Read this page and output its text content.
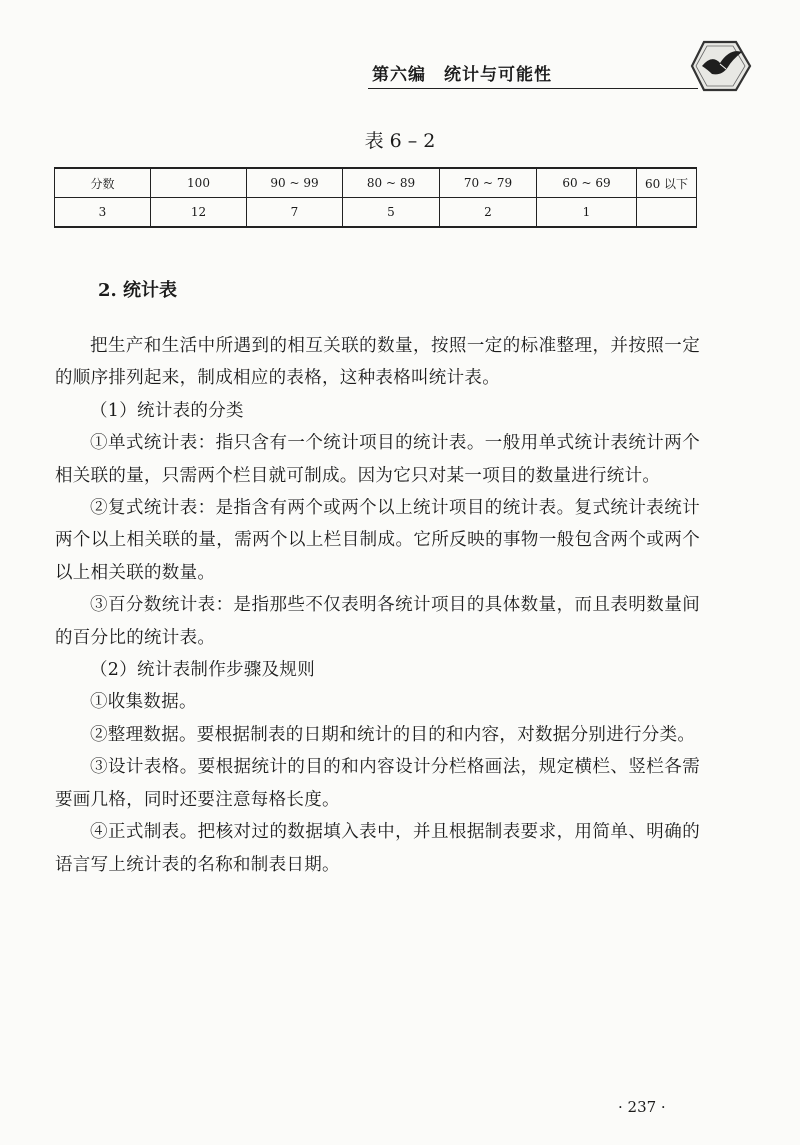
第六编　统计与可能性
表 6 – 2
分数	100	90 ~ 99	80 ~ 89	70 ~ 79	60 ~ 69	60 以下
3	12	7	5	2	1	
2. 统计表

把生产和生活中所遇到的相互关联的数量，按照一定的标准整理，并按照一定的顺序排列起来，制成相应的表格，这种表格叫统计表。

（1）统计表的分类

①单式统计表：指只含有一个统计项目的统计表。一般用单式统计表统计两个相关联的量，只需两个栏目就可制成。因为它只对某一项目的数量进行统计。

②复式统计表：是指含有两个或两个以上统计项目的统计表。复式统计表统计两个以上相关联的量，需两个以上栏目制成。它所反映的事物一般包含两个或两个以上相关联的数量。

③百分数统计表：是指那些不仅表明各统计项目的具体数量，而且表明数量间的百分比的统计表。

（2）统计表制作步骤及规则

①收集数据。

②整理数据。要根据制表的日期和统计的目的和内容，对数据分别进行分类。

③设计表格。要根据统计的目的和内容设计分栏格画法，规定横栏、竖栏各需要画几格，同时还要注意每格长度。

④正式制表。把核对过的数据填入表中，并且根据制表要求，用简单、明确的语言写上统计表的名称和制表日期。

· 237 ·
